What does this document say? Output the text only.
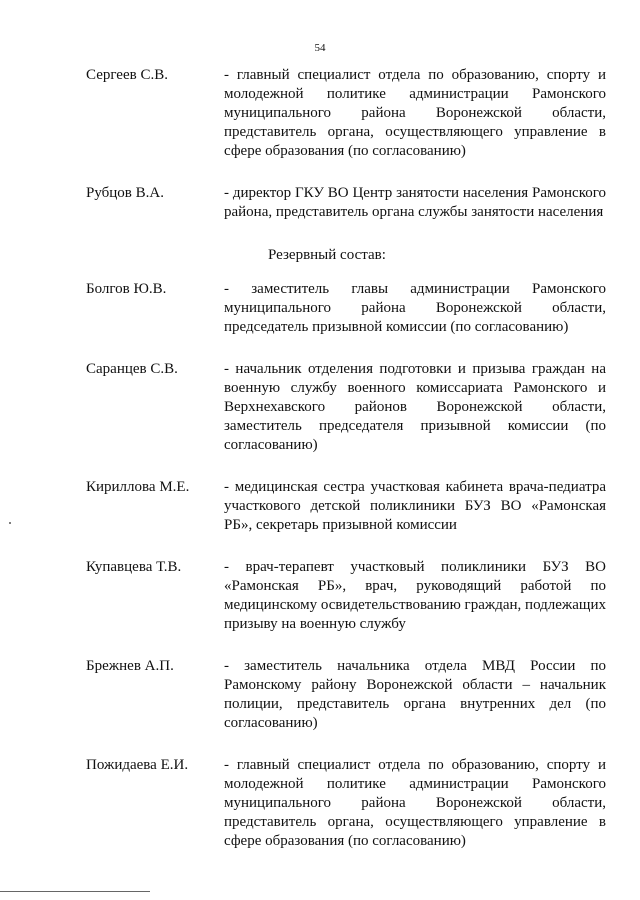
54
Сергеев С.В.	- главный специалист отдела по образованию, спорту и молодежной политике администрации Рамонского муниципального района Воронежской области, представитель органа, осуществляющего управление в сфере образования (по согласованию)
Рубцов В.А.	- директор ГКУ ВО Центр занятости населения Рамонского района, представитель органа службы занятости населения
Резервный состав:
Болгов Ю.В.	- заместитель главы администрации Рамонского муниципального района Воронежской области, председатель призывной комиссии (по согласованию)
Саранцев С.В.	- начальник отделения подготовки и призыва граждан на военную службу военного комиссариата Рамонского и Верхнехавского районов Воронежской области, заместитель председателя призывной комиссии (по согласованию)
Кириллова М.Е.	- медицинская сестра участковая кабинета врача-педиатра участкового детской поликлиники БУЗ ВО «Рамонская РБ», секретарь призывной комиссии
Купавцева Т.В.	- врач-терапевт участковый поликлиники БУЗ ВО «Рамонская РБ», врач, руководящий работой по медицинскому освидетельствованию граждан, подлежащих призыву на военную службу
Брежнев А.П.	- заместитель начальника отдела МВД России по Рамонскому району Воронежской области – начальник полиции, представитель органа внутренних дел (по согласованию)
Пожидаева Е.И.	- главный специалист отдела по образованию, спорту и молодежной политике администрации Рамонского муниципального района Воронежской области, представитель органа, осуществляющего управление в сфере образования (по согласованию)
